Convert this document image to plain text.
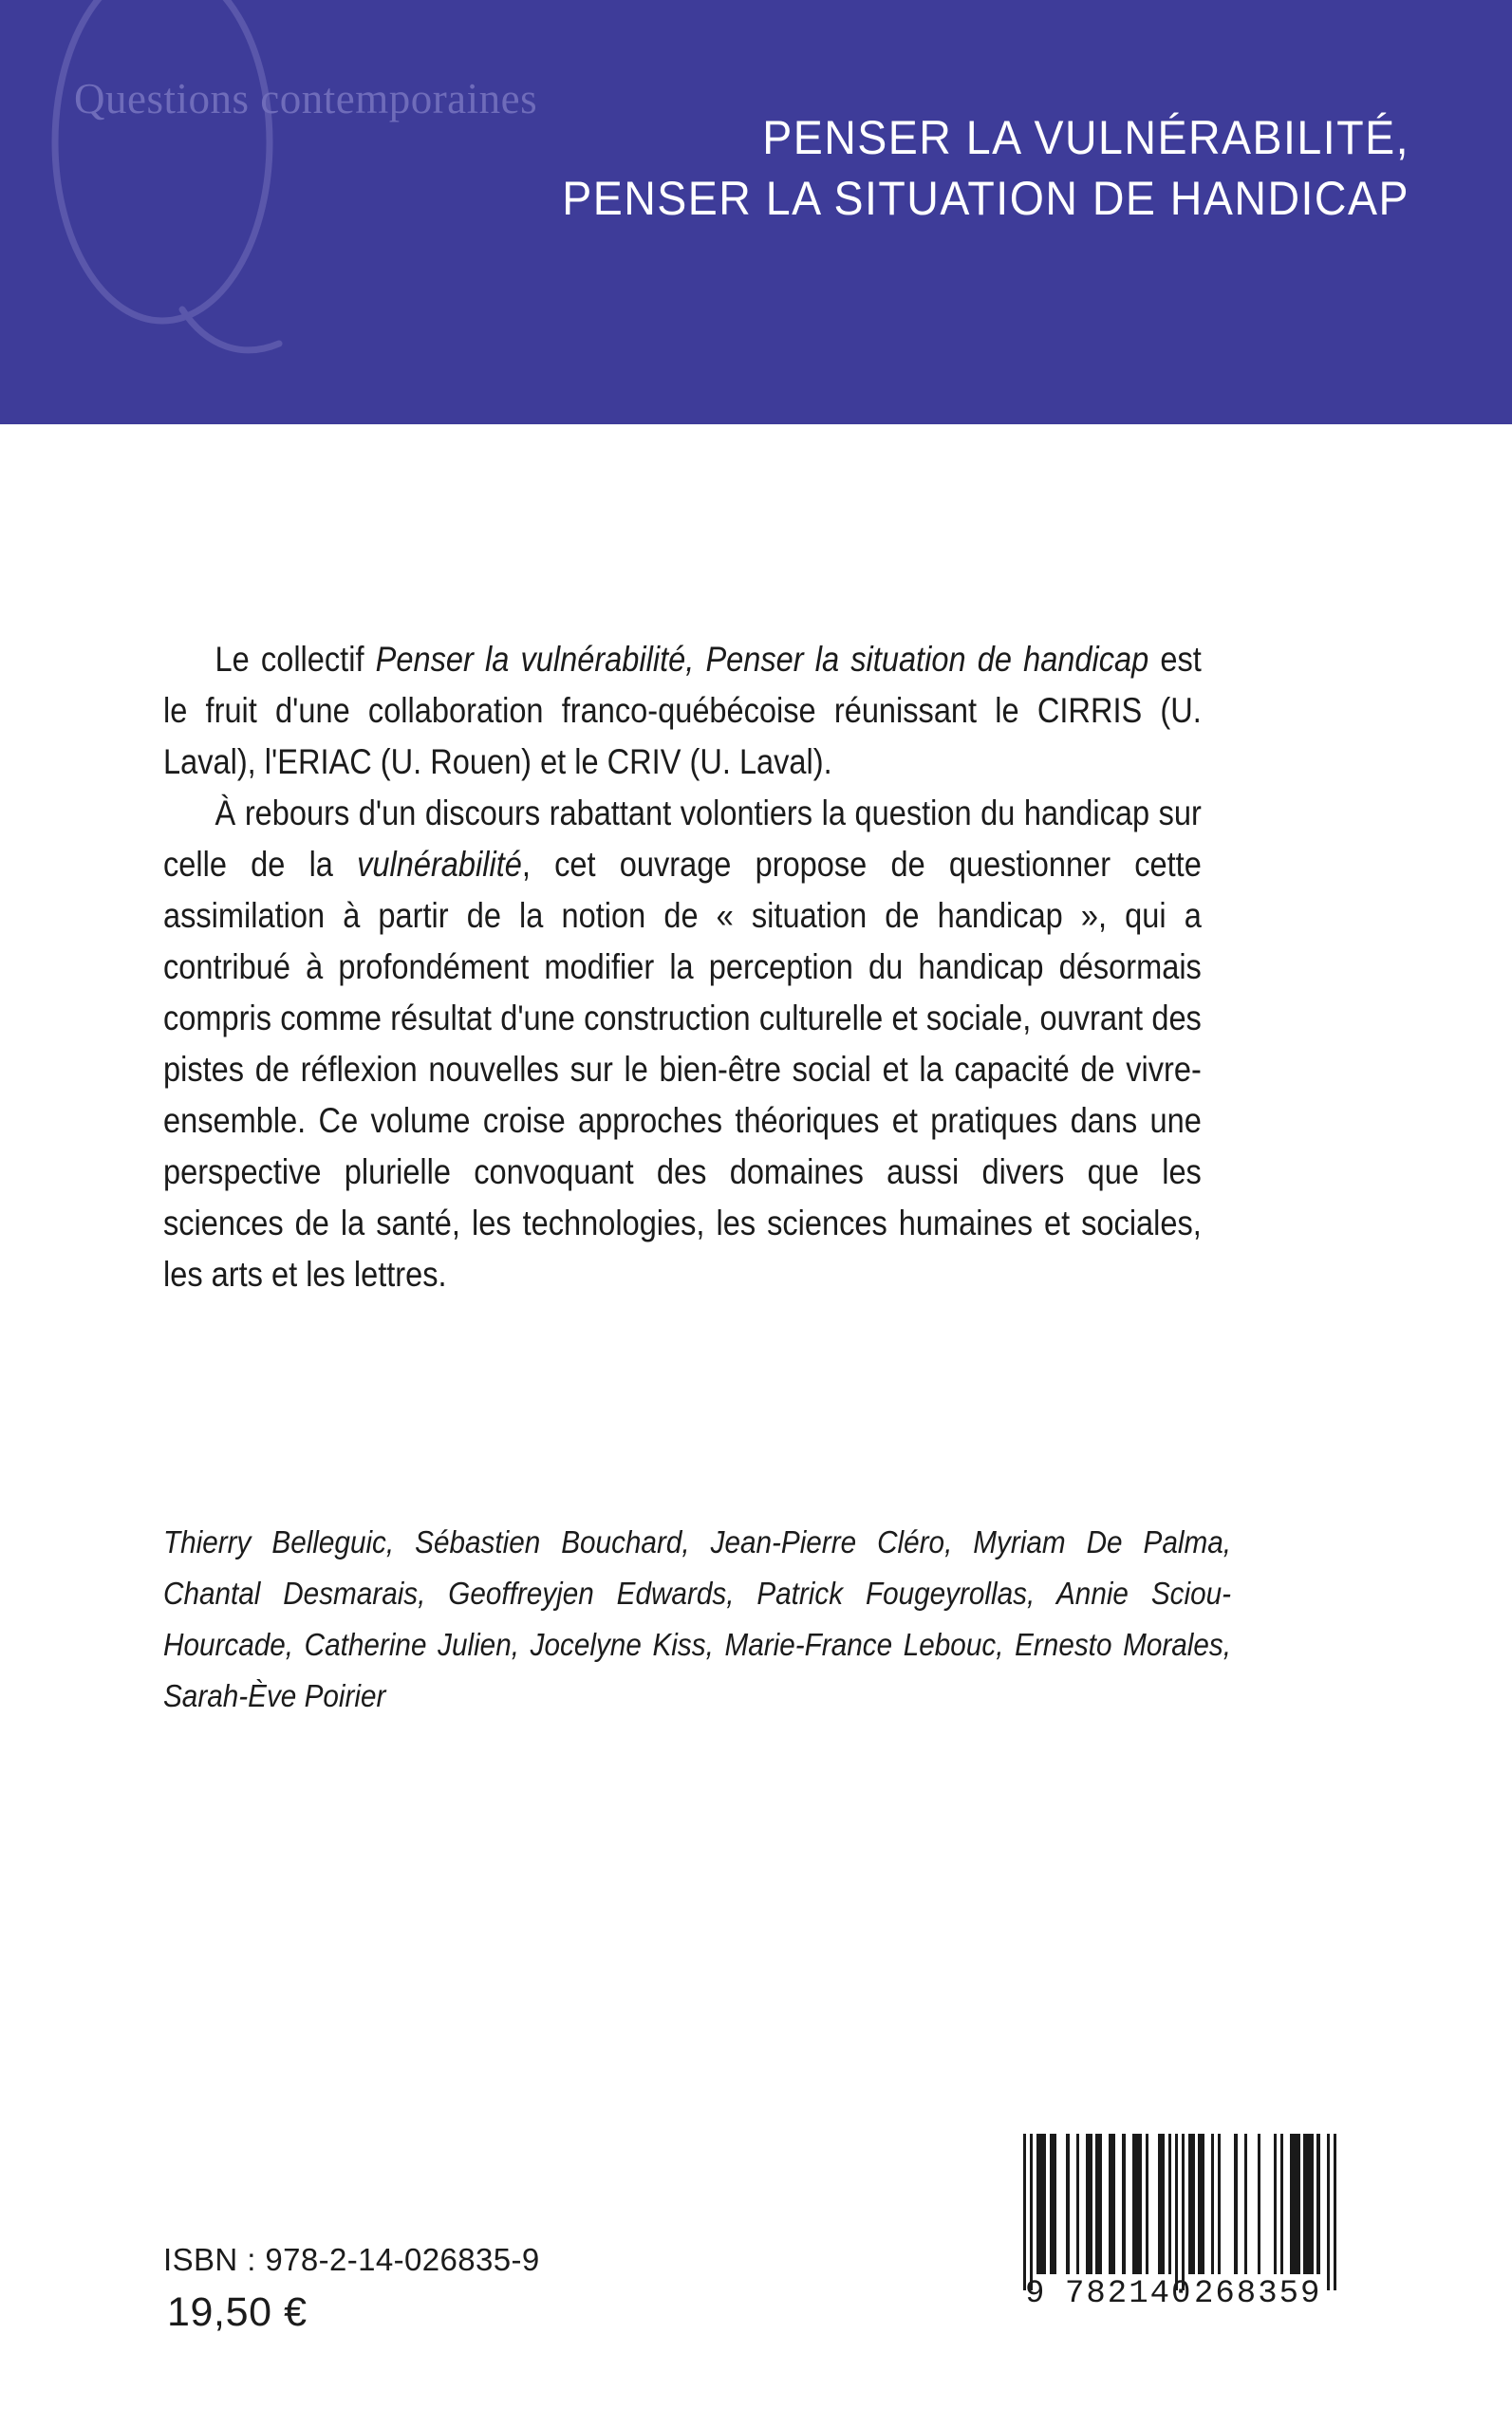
Questions contemporaines
PENSER LA VULNÉRABILITÉ,
PENSER LA SITUATION DE HANDICAP

Le collectif Penser la vulnérabilité, Penser la situation de handicap est le fruit d'une collaboration franco-québécoise réunissant le CIRRIS (U. Laval), l'ERIAC (U. Rouen) et le CRIV (U. Laval).

À rebours d'un discours rabattant volontiers la question du handicap sur celle de la vulnérabilité, cet ouvrage propose de questionner cette assimilation à partir de la notion de « situation de handicap », qui a contribué à profondément modifier la perception du handicap désormais compris comme résultat d'une construction culturelle et sociale, ouvrant des pistes de réflexion nouvelles sur le bien-être social et la capacité de vivre-ensemble. Ce volume croise approches théoriques et pratiques dans une perspective plurielle convoquant des domaines aussi divers que les sciences de la santé, les technologies, les sciences humaines et sociales, les arts et les lettres.

Thierry Belleguic, Sébastien Bouchard, Jean-Pierre Cléro, Myriam De Palma, Chantal Desmarais, Geoffreyjen Edwards, Patrick Fougeyrollas, Annie Sciou-Hourcade, Catherine Julien, Jocelyne Kiss, Marie-France Lebouc, Ernesto Morales, Sarah-Ève Poirier
ISBN : 978-2-14-026835-9
19,50 €	9 782140 268359
